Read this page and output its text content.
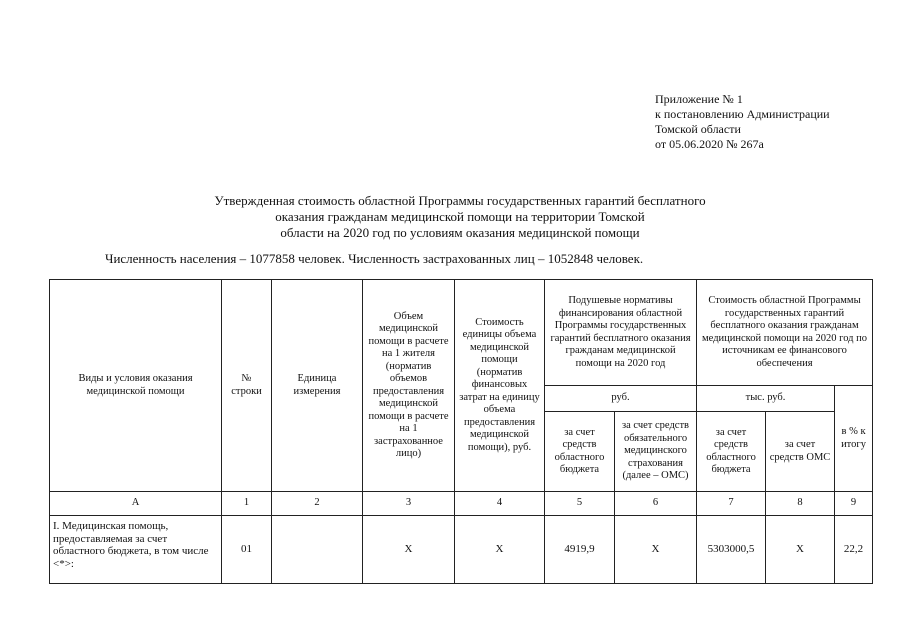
Приложение № 1
к постановлению Администрации
Томской области
от 05.06.2020 № 267а
Утвержденная стоимость областной Программы государственных гарантий бесплатного
оказания гражданам медицинской помощи на территории Томской
области на 2020 год по условиям оказания медицинской помощи
Численность населения – 1077858 человек. Численность застрахованных лиц – 1052848 человек.
Виды и условия оказания медицинской помощи	№ строки	Единица измерения	Объем медицинской помощи в расчете на 1 жителя (норматив объемов предоставления медицинской помощи в расчете на 1 застрахованное лицо)	Стоимость единицы объема медицинской помощи (норматив финансовых затрат на единицу объема предоставления медицинской помощи), руб.	Подушевые нормативы финансирования областной Программы государственных гарантий бесплатного оказания гражданам медицинской помощи на 2020 год		Стоимость областной Программы государственных гарантий бесплатного оказания гражданам медицинской помощи на 2020 год по источникам ее финансового обеспечения		
					руб.		тыс. руб.		в % к итогу
					за счет средств областного бюджета	за счет средств обязательного медицинского страхования (далее – ОМС)	за счет средств областного бюджета	за счет средств ОМС	
А	1	2	3	4	5	6	7	8	9
I. Медицинская помощь, предоставляемая за счет областного бюджета, в том числе <*>:	01		Х	Х	4919,9	Х	5303000,5	Х	22,2
